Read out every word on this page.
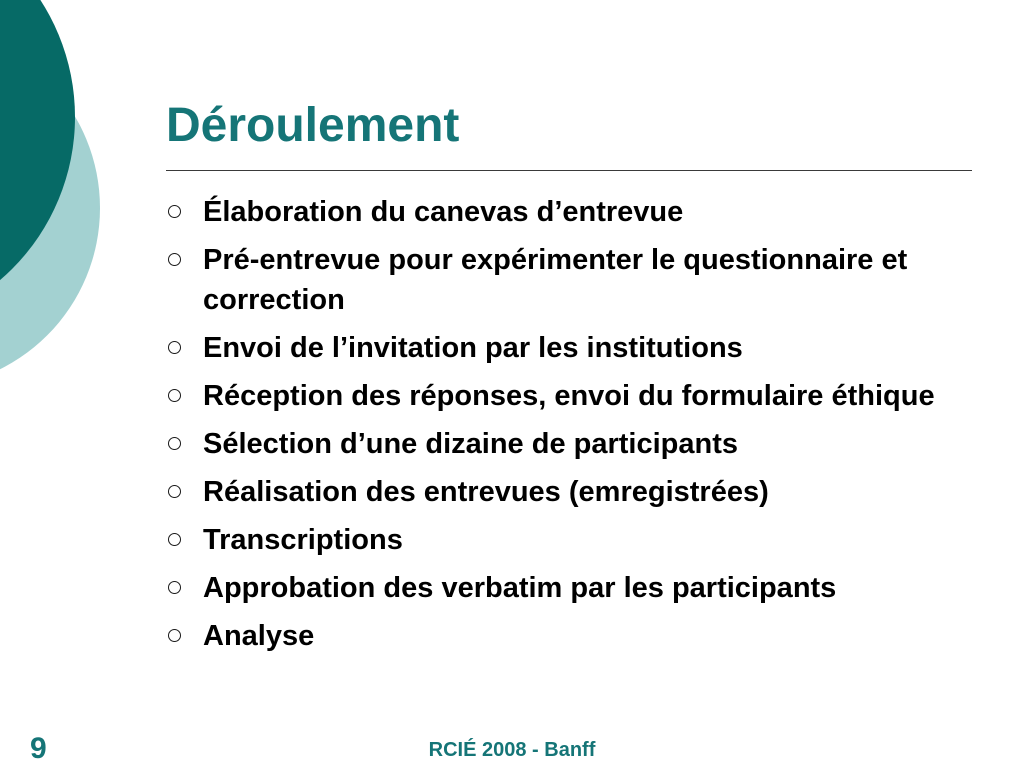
Déroulement
Élaboration du canevas d’entrevue
Pré-entrevue pour expérimenter le questionnaire et correction
Envoi de l’invitation par les institutions
Réception des réponses, envoi du formulaire éthique
Sélection d’une dizaine de participants
Réalisation des entrevues (emregistrées)
Transcriptions
Approbation des verbatim par les participants
Analyse
9	RCIÉ 2008 - Banff
